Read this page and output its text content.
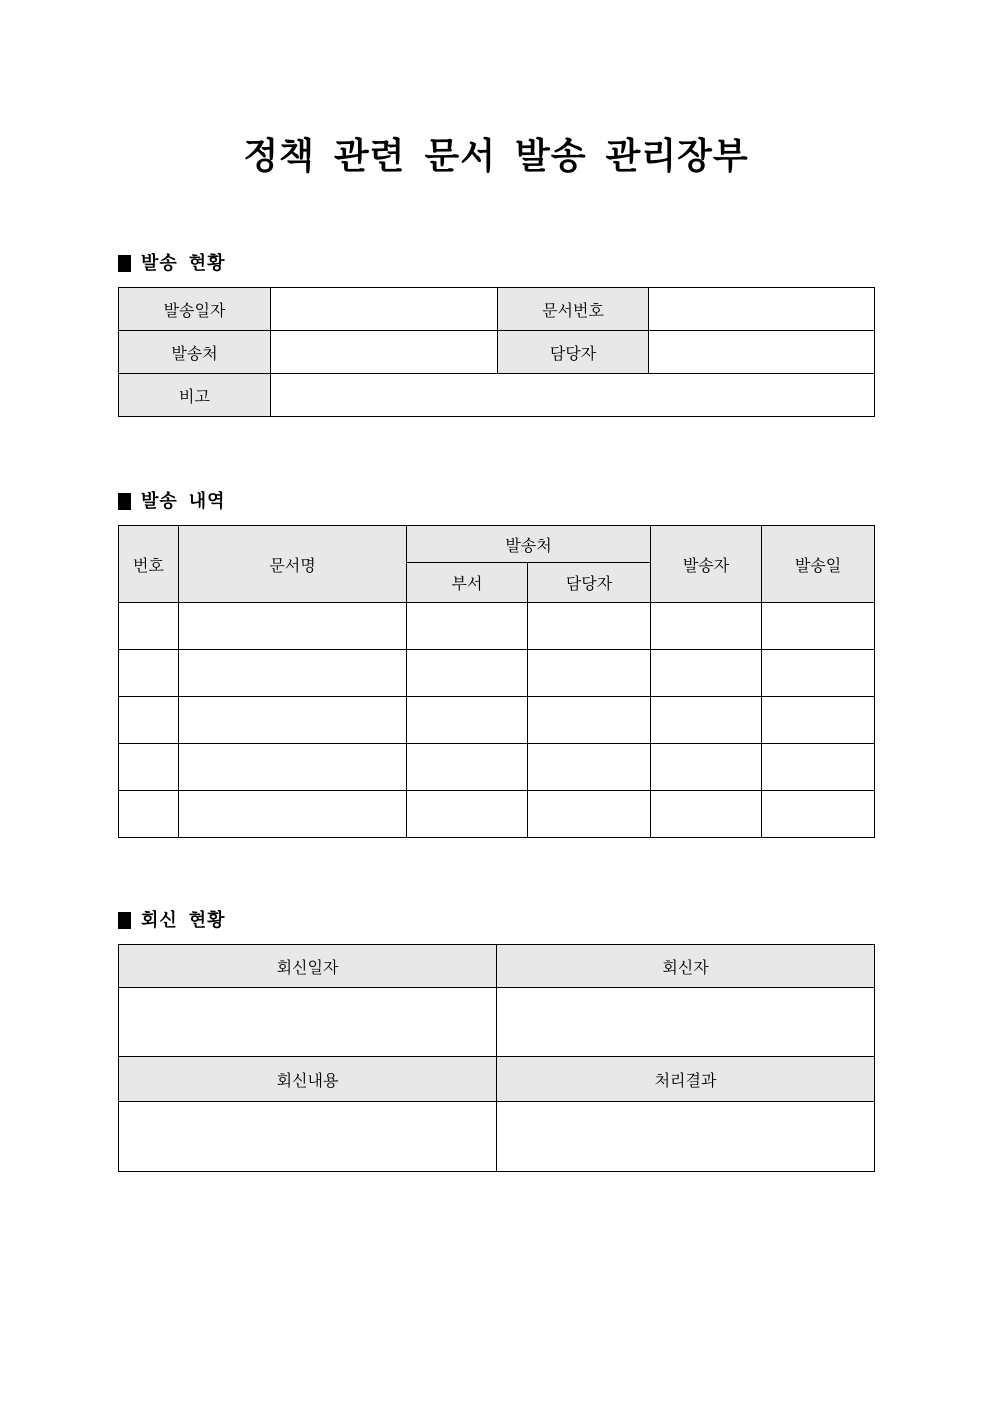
정책 관련 문서 발송 관리장부
발송 현황
발송일자		문서번호	
발송처		담당자	
비고			
발송 내역
번호	문서명	발송처		발송자	발송일
		부서	담당자		

회신 현황
회신일자	회신자

회신내용	처리결과
